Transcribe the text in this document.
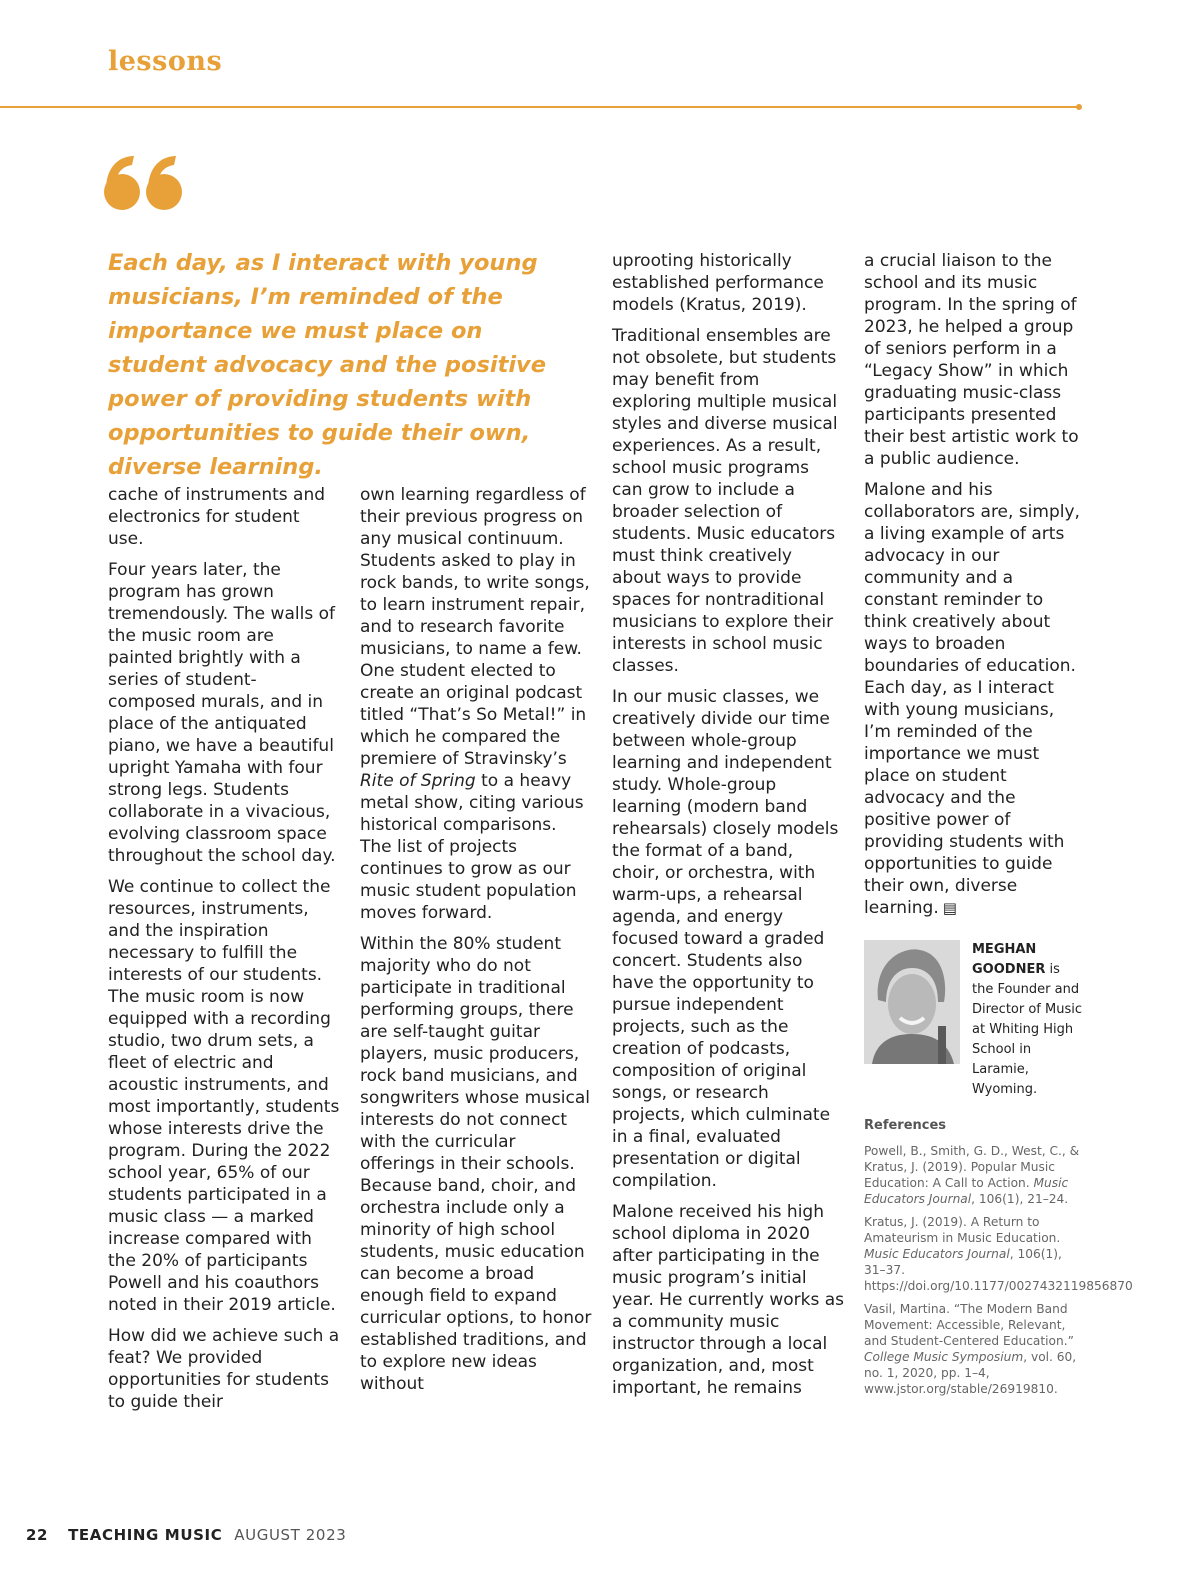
lessons

Each day, as I interact with young musicians, I’m reminded of the importance we must place on student advocacy and the positive power of providing students with opportunities to guide their own, diverse learning.

cache of instruments and electronics for student use.

Four years later, the program has grown tremendously. The walls of the music room are painted brightly with a series of student-composed murals, and in place of the antiquated piano, we have a beautiful upright Yamaha with four strong legs. Students collaborate in a vivacious, evolving classroom space throughout the school day.

We continue to collect the resources, instruments, and the inspiration necessary to fulfill the interests of our students. The music room is now equipped with a recording studio, two drum sets, a fleet of electric and acoustic instruments, and most importantly, students whose interests drive the program. During the 2022 school year, 65% of our students participated in a music class — a marked increase compared with the 20% of participants Powell and his coauthors noted in their 2019 article.

How did we achieve such a feat? We provided opportunities for students to guide their

own learning regardless of their previous progress on any musical continuum. Students asked to play in rock bands, to write songs, to learn instrument repair, and to research favorite musicians, to name a few. One student elected to create an original podcast titled “That’s So Metal!” in which he compared the premiere of Stravinsky’s Rite of Spring to a heavy metal show, citing various historical comparisons. The list of projects continues to grow as our music student population moves forward.

Within the 80% student majority who do not participate in traditional performing groups, there are self-taught guitar players, music producers, rock band musicians, and songwriters whose musical interests do not connect with the curricular offerings in their schools. Because band, choir, and orchestra include only a minority of high school students, music education can become a broad enough field to expand curricular options, to honor established traditions, and to explore new ideas without

uprooting historically established performance models (Kratus, 2019).

Traditional ensembles are not obsolete, but students may benefit from exploring multiple musical styles and diverse musical experiences. As a result, school music programs can grow to include a broader selection of students. Music educators must think creatively about ways to provide spaces for nontraditional musicians to explore their interests in school music classes.

In our music classes, we creatively divide our time between whole-group learning and independent study. Whole-group learning (modern band rehearsals) closely models the format of a band, choir, or orchestra, with warm-ups, a rehearsal agenda, and energy focused toward a graded concert. Students also have the opportunity to pursue independent projects, such as the creation of podcasts, composition of original songs, or research projects, which culminate in a final, evaluated presentation or digital compilation.

Malone received his high school diploma in 2020 after participating in the music program’s initial year. He currently works as a community music instructor through a local organization, and, most important, he remains

a crucial liaison to the school and its music program. In the spring of 2023, he helped a group of seniors perform in a “Legacy Show” in which graduating music-class participants presented their best artistic work to a public audience.

Malone and his collaborators are, simply, a living example of arts advocacy in our community and a constant reminder to think creatively about ways to broaden boundaries of education. Each day, as I interact with young musicians, I’m reminded of the importance we must place on student advocacy and the positive power of providing students with opportunities to guide their own, diverse learning. ▤

MEGHAN GOODNER is the Founder and Director of Music at Whiting High School in Laramie, Wyoming.
References
Powell, B., Smith, G. D., West, C., & Kratus, J. (2019). Popular Music Education: A Call to Action. Music Educators Journal, 106(1), 21–24.
Kratus, J. (2019). A Return to Amateurism in Music Education. Music Educators Journal, 106(1), 31–37. https://doi.org/10.1177/0027432119856870
Vasil, Martina. “The Modern Band Movement: Accessible, Relevant, and Student-Centered Education.” College Music Symposium, vol. 60, no. 1, 2020, pp. 1–4, www.jstor.org/stable/26919810.
22 TEACHING MUSIC AUGUST 2023
